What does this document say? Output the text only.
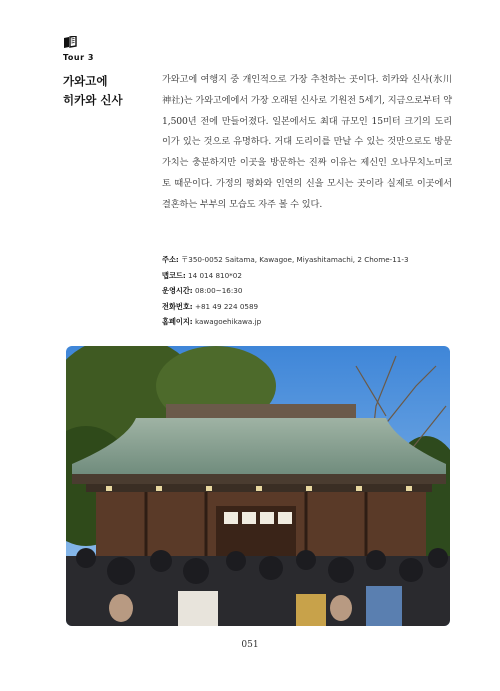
Tour 3
가와고에
히카와 신사
가와고에 여행지 중 개인적으로 가장 추천하는 곳이다. 히카와 신사(氷川神社)는 가와고에에서 가장 오래된 신사로 기원전 5세기, 지금으로부터 약 1,500년 전에 만들어졌다. 일본에서도 최대 규모인 15미터 크기의 도리이가 있는 것으로 유명하다. 거대 도리이를 만날 수 있는 것만으로도 방문 가치는 충분하지만 이곳을 방문하는 진짜 이유는 제신인 오나무치노미코토 때문이다. 가정의 평화와 인연의 신을 모시는 곳이라 실제로 이곳에서 결혼하는 부부의 모습도 자주 볼 수 있다.
주소: 〒350-0052 Saitama, Kawagoe, Miyashitamachi, 2 Chome-11-3
맵코드: 14 014 810*02
운영시간: 08:00~16:30
전화번호: +81 49 224 0589
홈페이지: kawagoehikawa.jp
051
